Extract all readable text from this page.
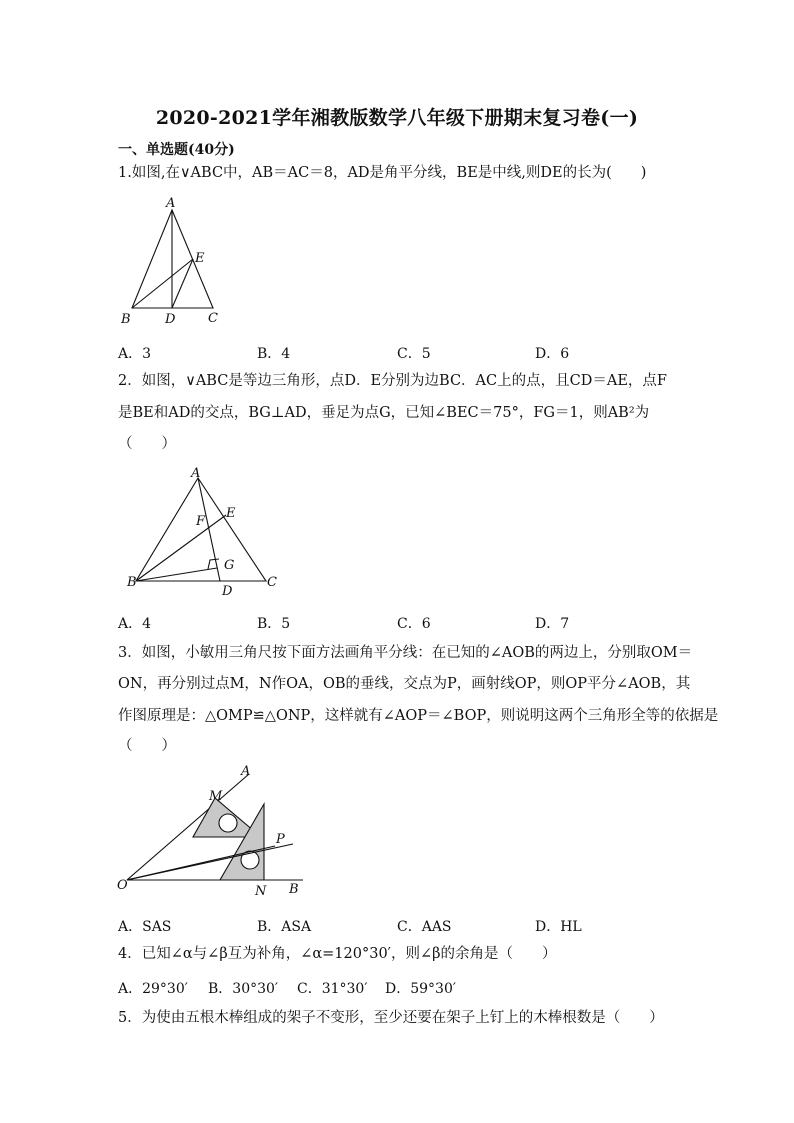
2020-2021学年湘教版数学八年级下册期末复习卷(一)
一、单选题(40分)
1.如图,在∨ABC中，AB＝AC＝8，AD是角平分线，BE是中线,则DE的长为(　　)
A
B	D	C
E
A．3	B．4	C．5	D．6
2．如图，∨ABC是等边三角形，点D．E分别为边BC．AC上的点，且CD＝AE，点F
是BE和AD的交点，BG⊥AD，垂足为点G，已知∠BEC＝75°，FG＝1，则AB²为
（　　）
A
B	C
D
E
F
G
A．4	B．5	C．6	D．7
3．如图，小敏用三角尺按下面方法画角平分线：在已知的∠AOB的两边上，分别取OM＝
ON，再分别过点M，N作OA，OB的垂线，交点为P，画射线OP，则OP平分∠AOB，其
作图原理是：△OMP≌△ONP，这样就有∠AOP＝∠BOP，则说明这两个三角形全等的依据是
（　　）
A
M
P
O	N B
A．SAS	B．ASA	C．AAS	D．HL
4．已知∠α与∠β互为补角，∠α=120°30′，则∠β的余角是（　　）
A．29°30′ B．30°30′ C．31°30′ D．59°30′
5．为使由五根木棒组成的架子不变形，至少还要在架子上钉上的木棒根数是（　　）
